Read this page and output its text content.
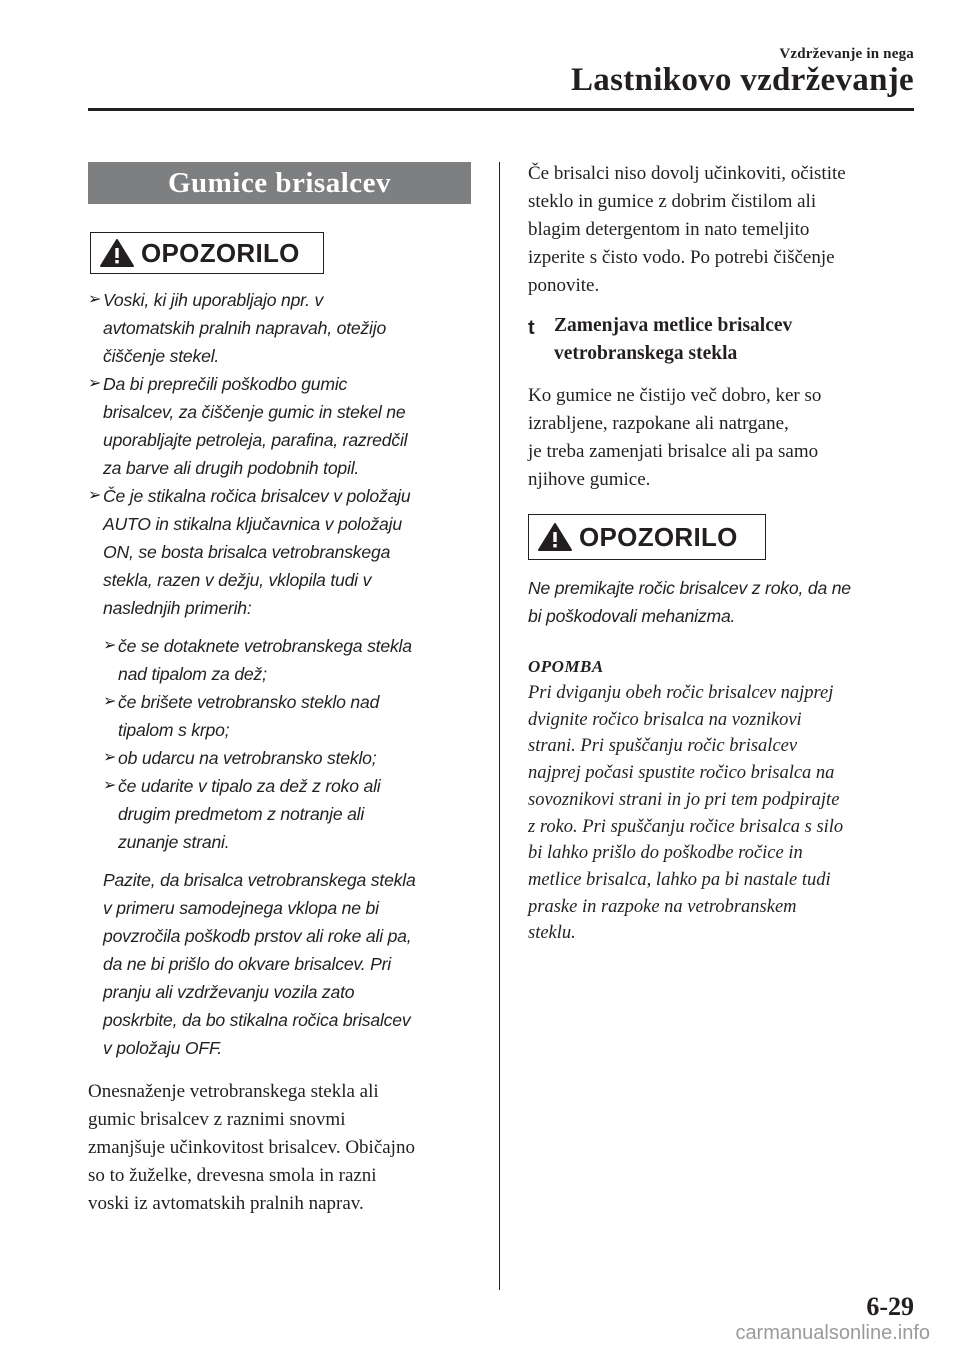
Vzdrževanje in nega
Lastnikovo vzdrževanje
Gumice brisalcev
OPOZORILO
➢ Voski, ki jih uporabljajo npr. v
avtomatskih pralnih napravah, otežijo
čiščenje stekel.
➢ Da bi preprečili poškodbo gumic
brisalcev, za čiščenje gumic in stekel ne
uporabljajte petroleja, parafina, razredčil
za barve ali drugih podobnih topil.
➢ Če je stikalna ročica brisalcev v položaju
AUTO in stikalna ključavnica v položaju
ON, se bosta brisalca vetrobranskega
stekla, razen v dežju, vklopila tudi v
naslednjih primerih:
➢ če se dotaknete vetrobranskega stekla
nad tipalom za dež;
➢ če brišete vetrobransko steklo nad
tipalom s krpo;
➢ ob udarcu na vetrobransko steklo;
➢ če udarite v tipalo za dež z roko ali
drugim predmetom z notranje ali
zunanje strani.
Pazite, da brisalca vetrobranskega stekla
v primeru samodejnega vklopa ne bi
povzročila poškodb prstov ali roke ali pa,
da ne bi prišlo do okvare brisalcev. Pri
pranju ali vzdrževanju vozila zato
poskrbite, da bo stikalna ročica brisalcev
v položaju OFF.
Onesnaženje vetrobranskega stekla ali
gumic brisalcev z raznimi snovmi
zmanjšuje učinkovitost brisalcev. Običajno
so to žuželke, drevesna smola in razni
voski iz avtomatskih pralnih naprav.
Če brisalci niso dovolj učinkoviti, očistite
steklo in gumice z dobrim čistilom ali
blagim detergentom in nato temeljito
izperite s čisto vodo. Po potrebi čiščenje
ponovite.
t Zamenjava metlice brisalcev
vetrobranskega stekla
Ko gumice ne čistijo več dobro, ker so
izrabljene, razpokane ali natrgane,
je treba zamenjati brisalce ali pa samo
njihove gumice.
OPOZORILO
Ne premikajte ročic brisalcev z roko, da ne
bi poškodovali mehanizma.
OPOMBA
Pri dviganju obeh ročic brisalcev najprej
dvignite ročico brisalca na voznikovi
strani. Pri spuščanju ročic brisalcev
najprej počasi spustite ročico brisalca na
sovoznikovi strani in jo pri tem podpirajte
z roko. Pri spuščanju ročice brisalca s silo
bi lahko prišlo do poškodbe ročice in
metlice brisalca, lahko pa bi nastale tudi
praske in razpoke na vetrobranskem
steklu.
6-29
carmanualsonline.info
